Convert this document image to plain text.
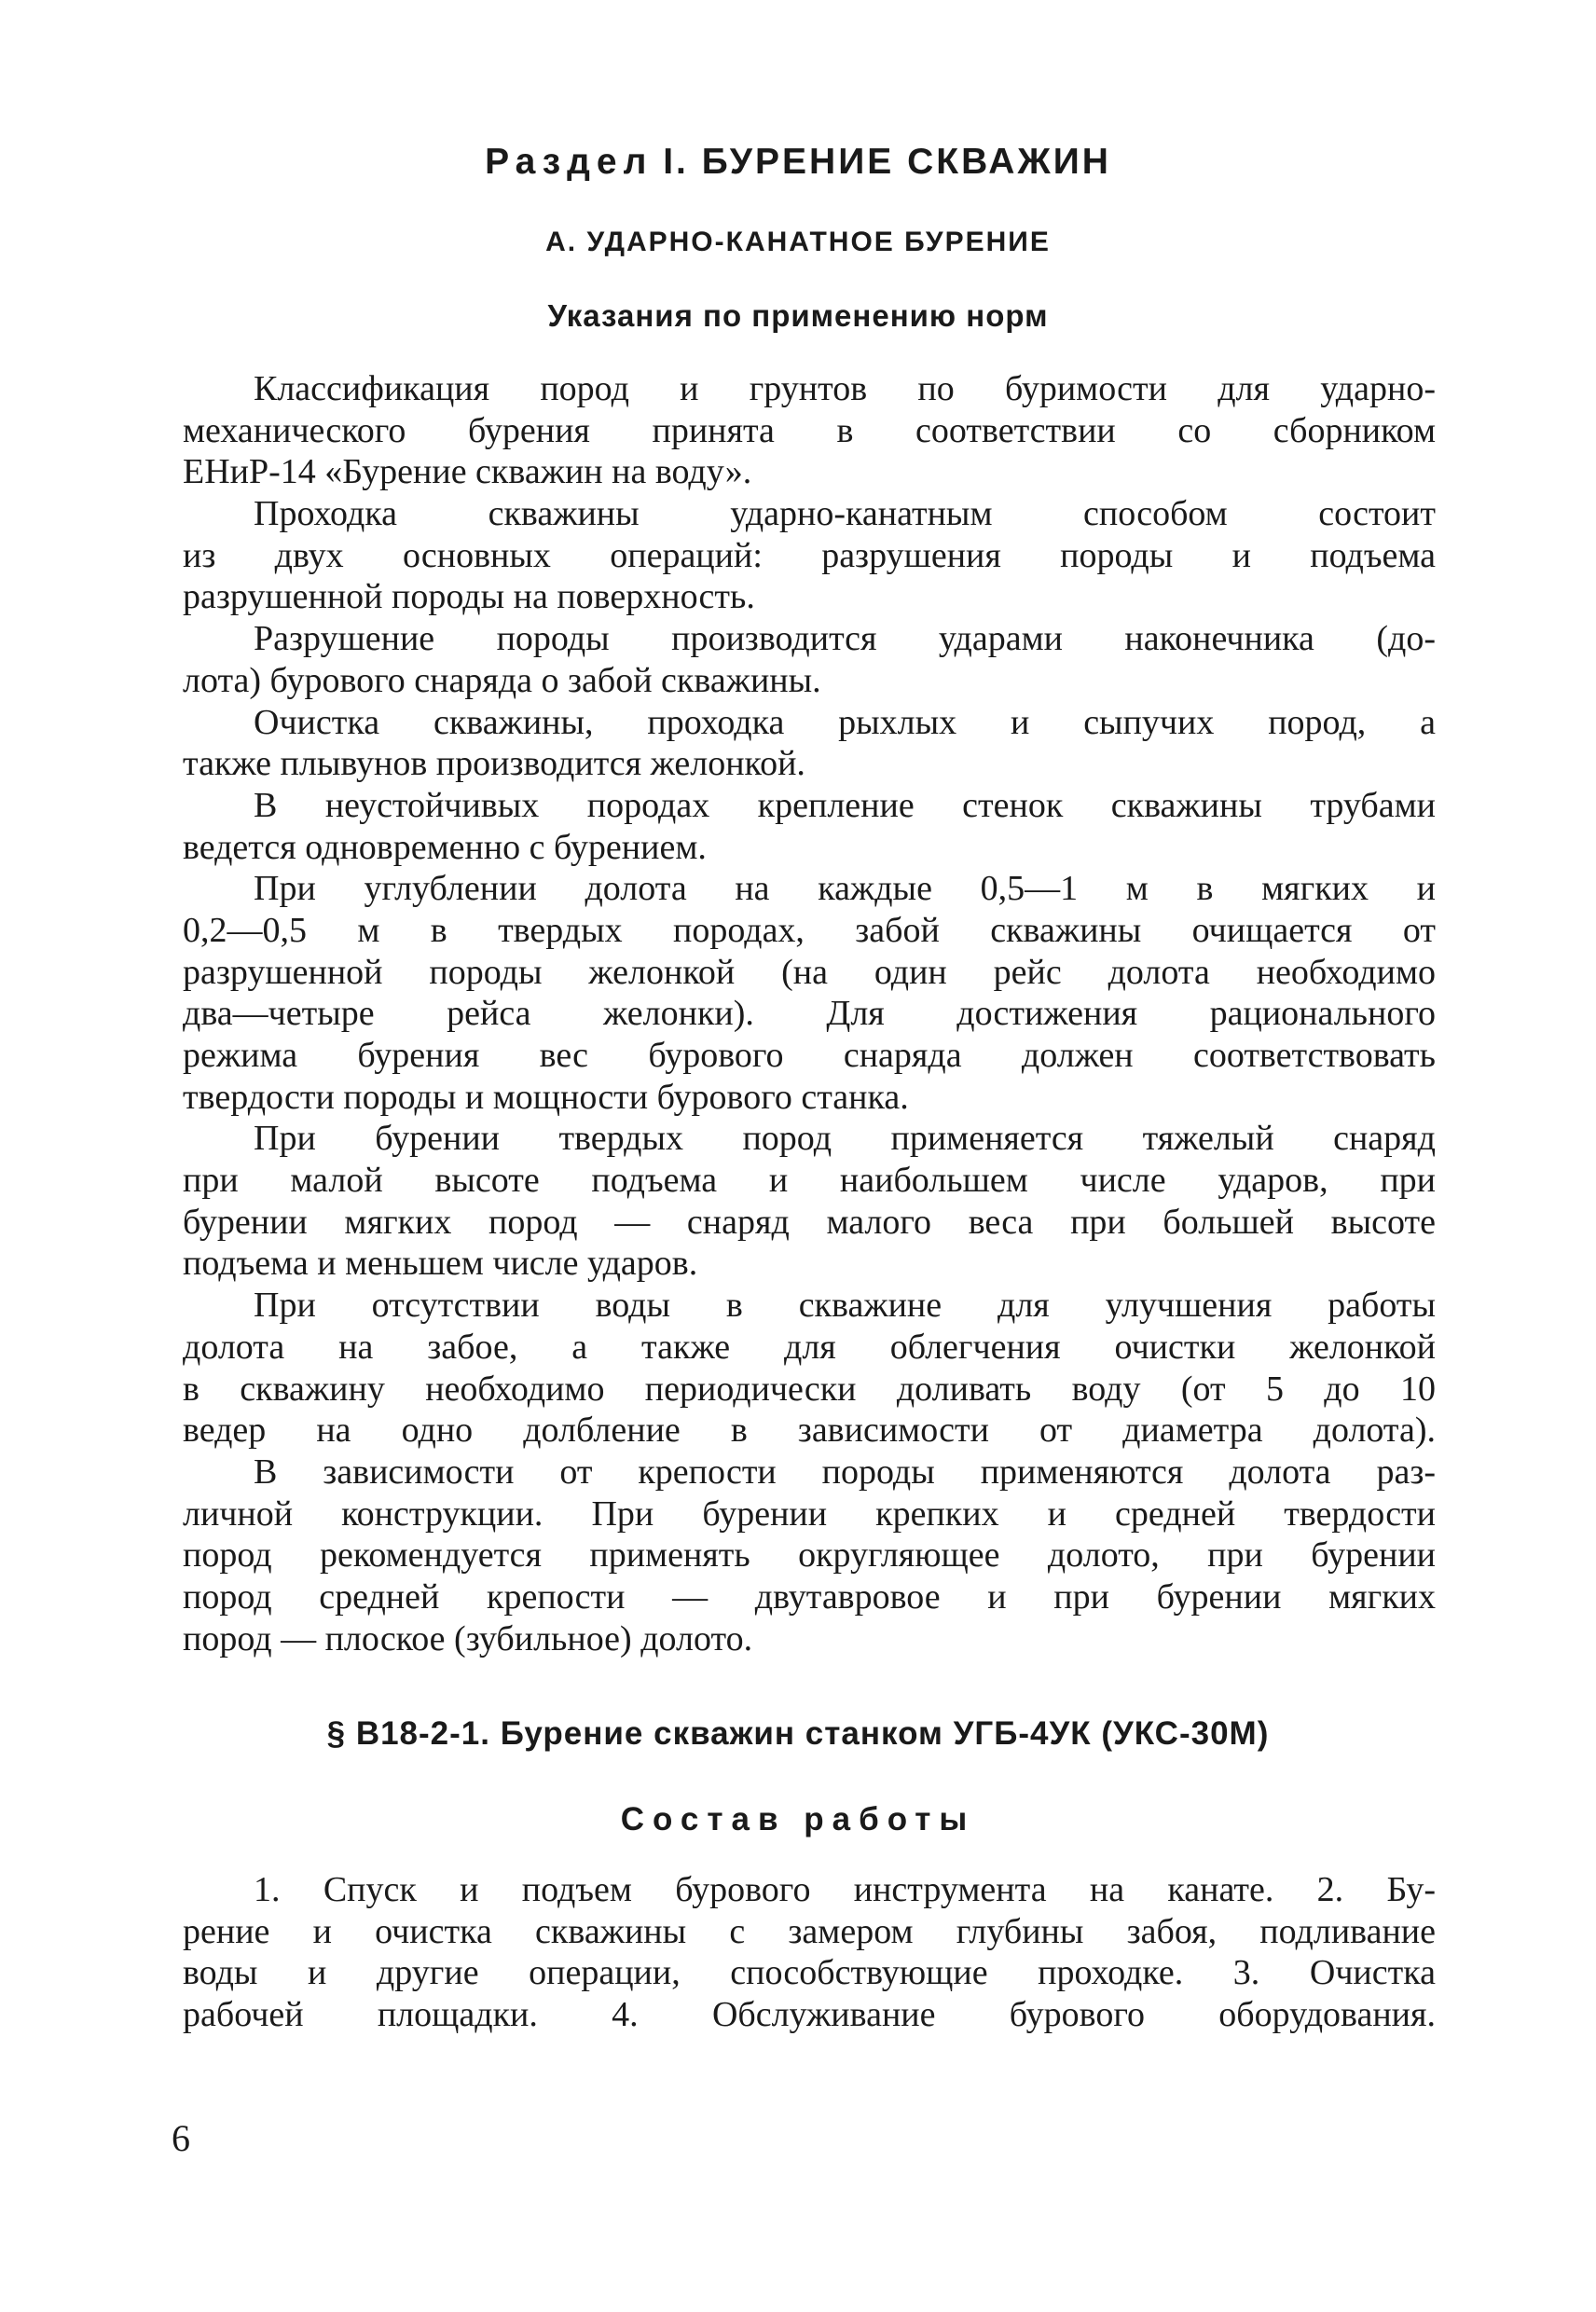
Раздел I. БУРЕНИЕ СКВАЖИН
А. УДАРНО-КАНАТНОЕ БУРЕНИЕ
Указания по применению норм

Классификация пород и грунтов по буримости для ударно-
механического бурения принята в соответствии со сборником
ЕНиР-14 «Бурение скважин на воду».

Проходка скважины ударно-канатным способом состоит
из двух основных операций: разрушения породы и подъема
разрушенной породы на поверхность.

Разрушение породы производится ударами наконечника (до-
лота) бурового снаряда о забой скважины.

Очистка скважины, проходка рыхлых и сыпучих пород, а
также плывунов производится желонкой.

В неустойчивых породах крепление стенок скважины трубами
ведется одновременно с бурением.

При углублении долота на каждые 0,5—1 м в мягких и
0,2—0,5 м в твердых породах, забой скважины очищается от
разрушенной породы желонкой (на один рейс долота необходимо
два—четыре рейса желонки). Для достижения рационального
режима бурения вес бурового снаряда должен соответствовать
твердости породы и мощности бурового станка.

При бурении твердых пород применяется тяжелый снаряд
при малой высоте подъема и наибольшем числе ударов, при
бурении мягких пород — снаряд малого веса при большей высоте
подъема и меньшем числе ударов.

При отсутствии воды в скважине для улучшения работы
долота на забое, а также для облегчения очистки желонкой
в скважину необходимо периодически доливать воду (от 5 до 10
ведер на одно долбление в зависимости от диаметра долота).

В зависимости от крепости породы применяются долота раз-
личной конструкции. При бурении крепких и средней твердости
пород рекомендуется применять округляющее долото, при бурении
пород средней крепости — двутавровое и при бурении мягких
пород — плоское (зубильное) долото.

§ В18-2-1. Бурение скважин станком УГБ-4УК (УКС-30М)
Состав работы

1. Спуск и подъем бурового инструмента на канате. 2. Бу-
рение и очистка скважины с замером глубины забоя, подливание
воды и другие операции, способствующие проходке. 3. Очистка
рабочей площадки. 4. Обслуживание бурового оборудования.

6
